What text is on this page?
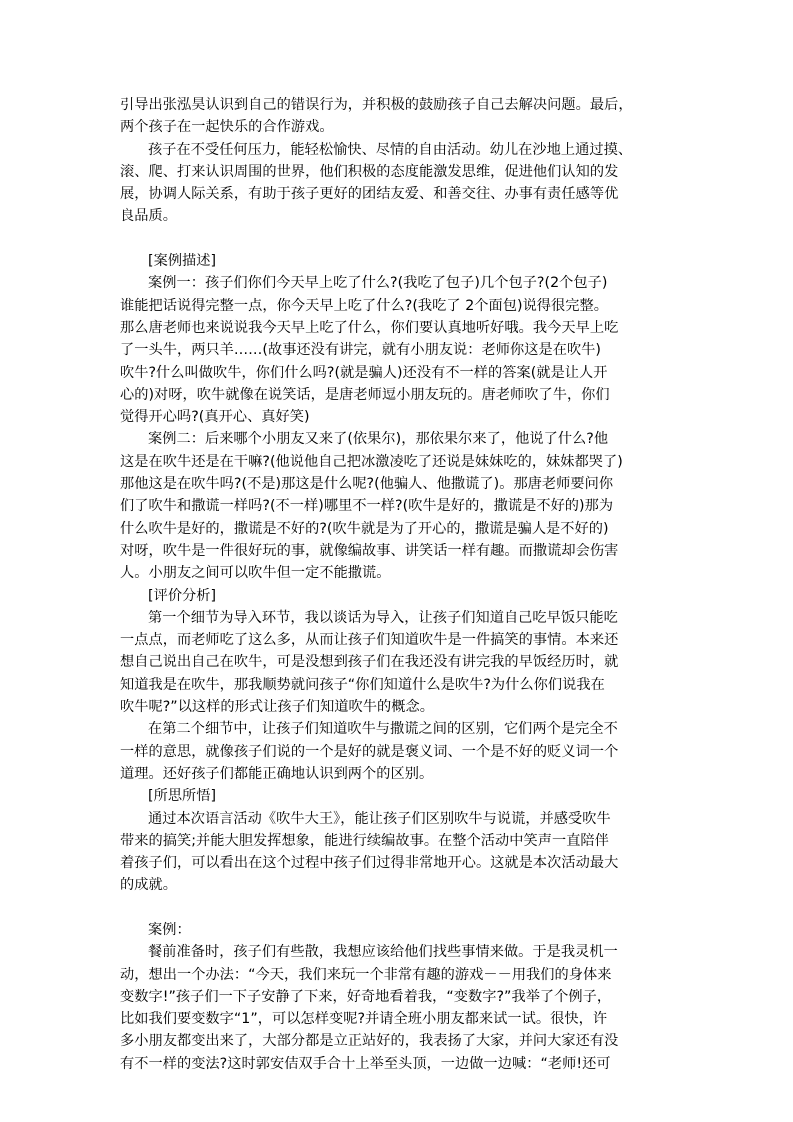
引导出张泓昊认识到自己的错误行为，并积极的鼓励孩子自己去解决问题。最后，
两个孩子在一起快乐的合作游戏。
孩子在不受任何压力，能轻松愉快、尽情的自由活动。幼儿在沙地上通过摸、
滚、爬、打来认识周围的世界，他们积极的态度能激发思维，促进他们认知的发
展，协调人际关系，有助于孩子更好的团结友爱、和善交往、办事有责任感等优
良品质。
[案例描述]
案例一：孩子们你们今天早上吃了什么?(我吃了包子)几个包子?(2个包子)
谁能把话说得完整一点，你今天早上吃了什么?(我吃了 2个面包)说得很完整。
那么唐老师也来说说我今天早上吃了什么，你们要认真地听好哦。我今天早上吃
了一头牛，两只羊……(故事还没有讲完，就有小朋友说：老师你这是在吹牛)
吹牛?什么叫做吹牛，你们什么吗?(就是骗人)还没有不一样的答案(就是让人开
心的)对呀，吹牛就像在说笑话，是唐老师逗小朋友玩的。唐老师吹了牛，你们
觉得开心吗?(真开心、真好笑)
案例二：后来哪个小朋友又来了(依果尔)，那依果尔来了，他说了什么?他
这是在吹牛还是在干嘛?(他说他自己把冰激凌吃了还说是妹妹吃的，妹妹都哭了)
那他这是在吹牛吗?(不是)那这是什么呢?(他骗人、他撒谎了)。那唐老师要问你
们了吹牛和撒谎一样吗?(不一样)哪里不一样?(吹牛是好的，撒谎是不好的)那为
什么吹牛是好的，撒谎是不好的?(吹牛就是为了开心的，撒谎是骗人是不好的)
对呀，吹牛是一件很好玩的事，就像编故事、讲笑话一样有趣。而撒谎却会伤害
人。小朋友之间可以吹牛但一定不能撒谎。
[评价分析]
第一个细节为导入环节，我以谈话为导入，让孩子们知道自己吃早饭只能吃
一点点，而老师吃了这么多，从而让孩子们知道吹牛是一件搞笑的事情。本来还
想自己说出自己在吹牛，可是没想到孩子们在我还没有讲完我的早饭经历时，就
知道我是在吹牛，那我顺势就问孩子“你们知道什么是吹牛?为什么你们说我在
吹牛呢?”以这样的形式让孩子们知道吹牛的概念。
在第二个细节中，让孩子们知道吹牛与撒谎之间的区别，它们两个是完全不
一样的意思，就像孩子们说的一个是好的就是褒义词、一个是不好的贬义词一个
道理。还好孩子们都能正确地认识到两个的区别。
[所思所悟]
通过本次语言活动《吹牛大王》，能让孩子们区别吹牛与说谎，并感受吹牛
带来的搞笑;并能大胆发挥想象，能进行续编故事。在整个活动中笑声一直陪伴
着孩子们，可以看出在这个过程中孩子们过得非常地开心。这就是本次活动最大
的成就。
案例：
餐前准备时，孩子们有些散，我想应该给他们找些事情来做。于是我灵机一
动，想出一个办法：“今天，我们来玩一个非常有趣的游戏－－用我们的身体来
变数字!”孩子们一下子安静了下来，好奇地看着我，“变数字?”我举了个例子，
比如我们要变数字“1”，可以怎样变呢?并请全班小朋友都来试一试。很快，许
多小朋友都变出来了，大部分都是立正站好的，我表扬了大家，并问大家还有没
有不一样的变法?这时郭安佶双手合十上举至头顶，一边做一边喊：“老师!还可
